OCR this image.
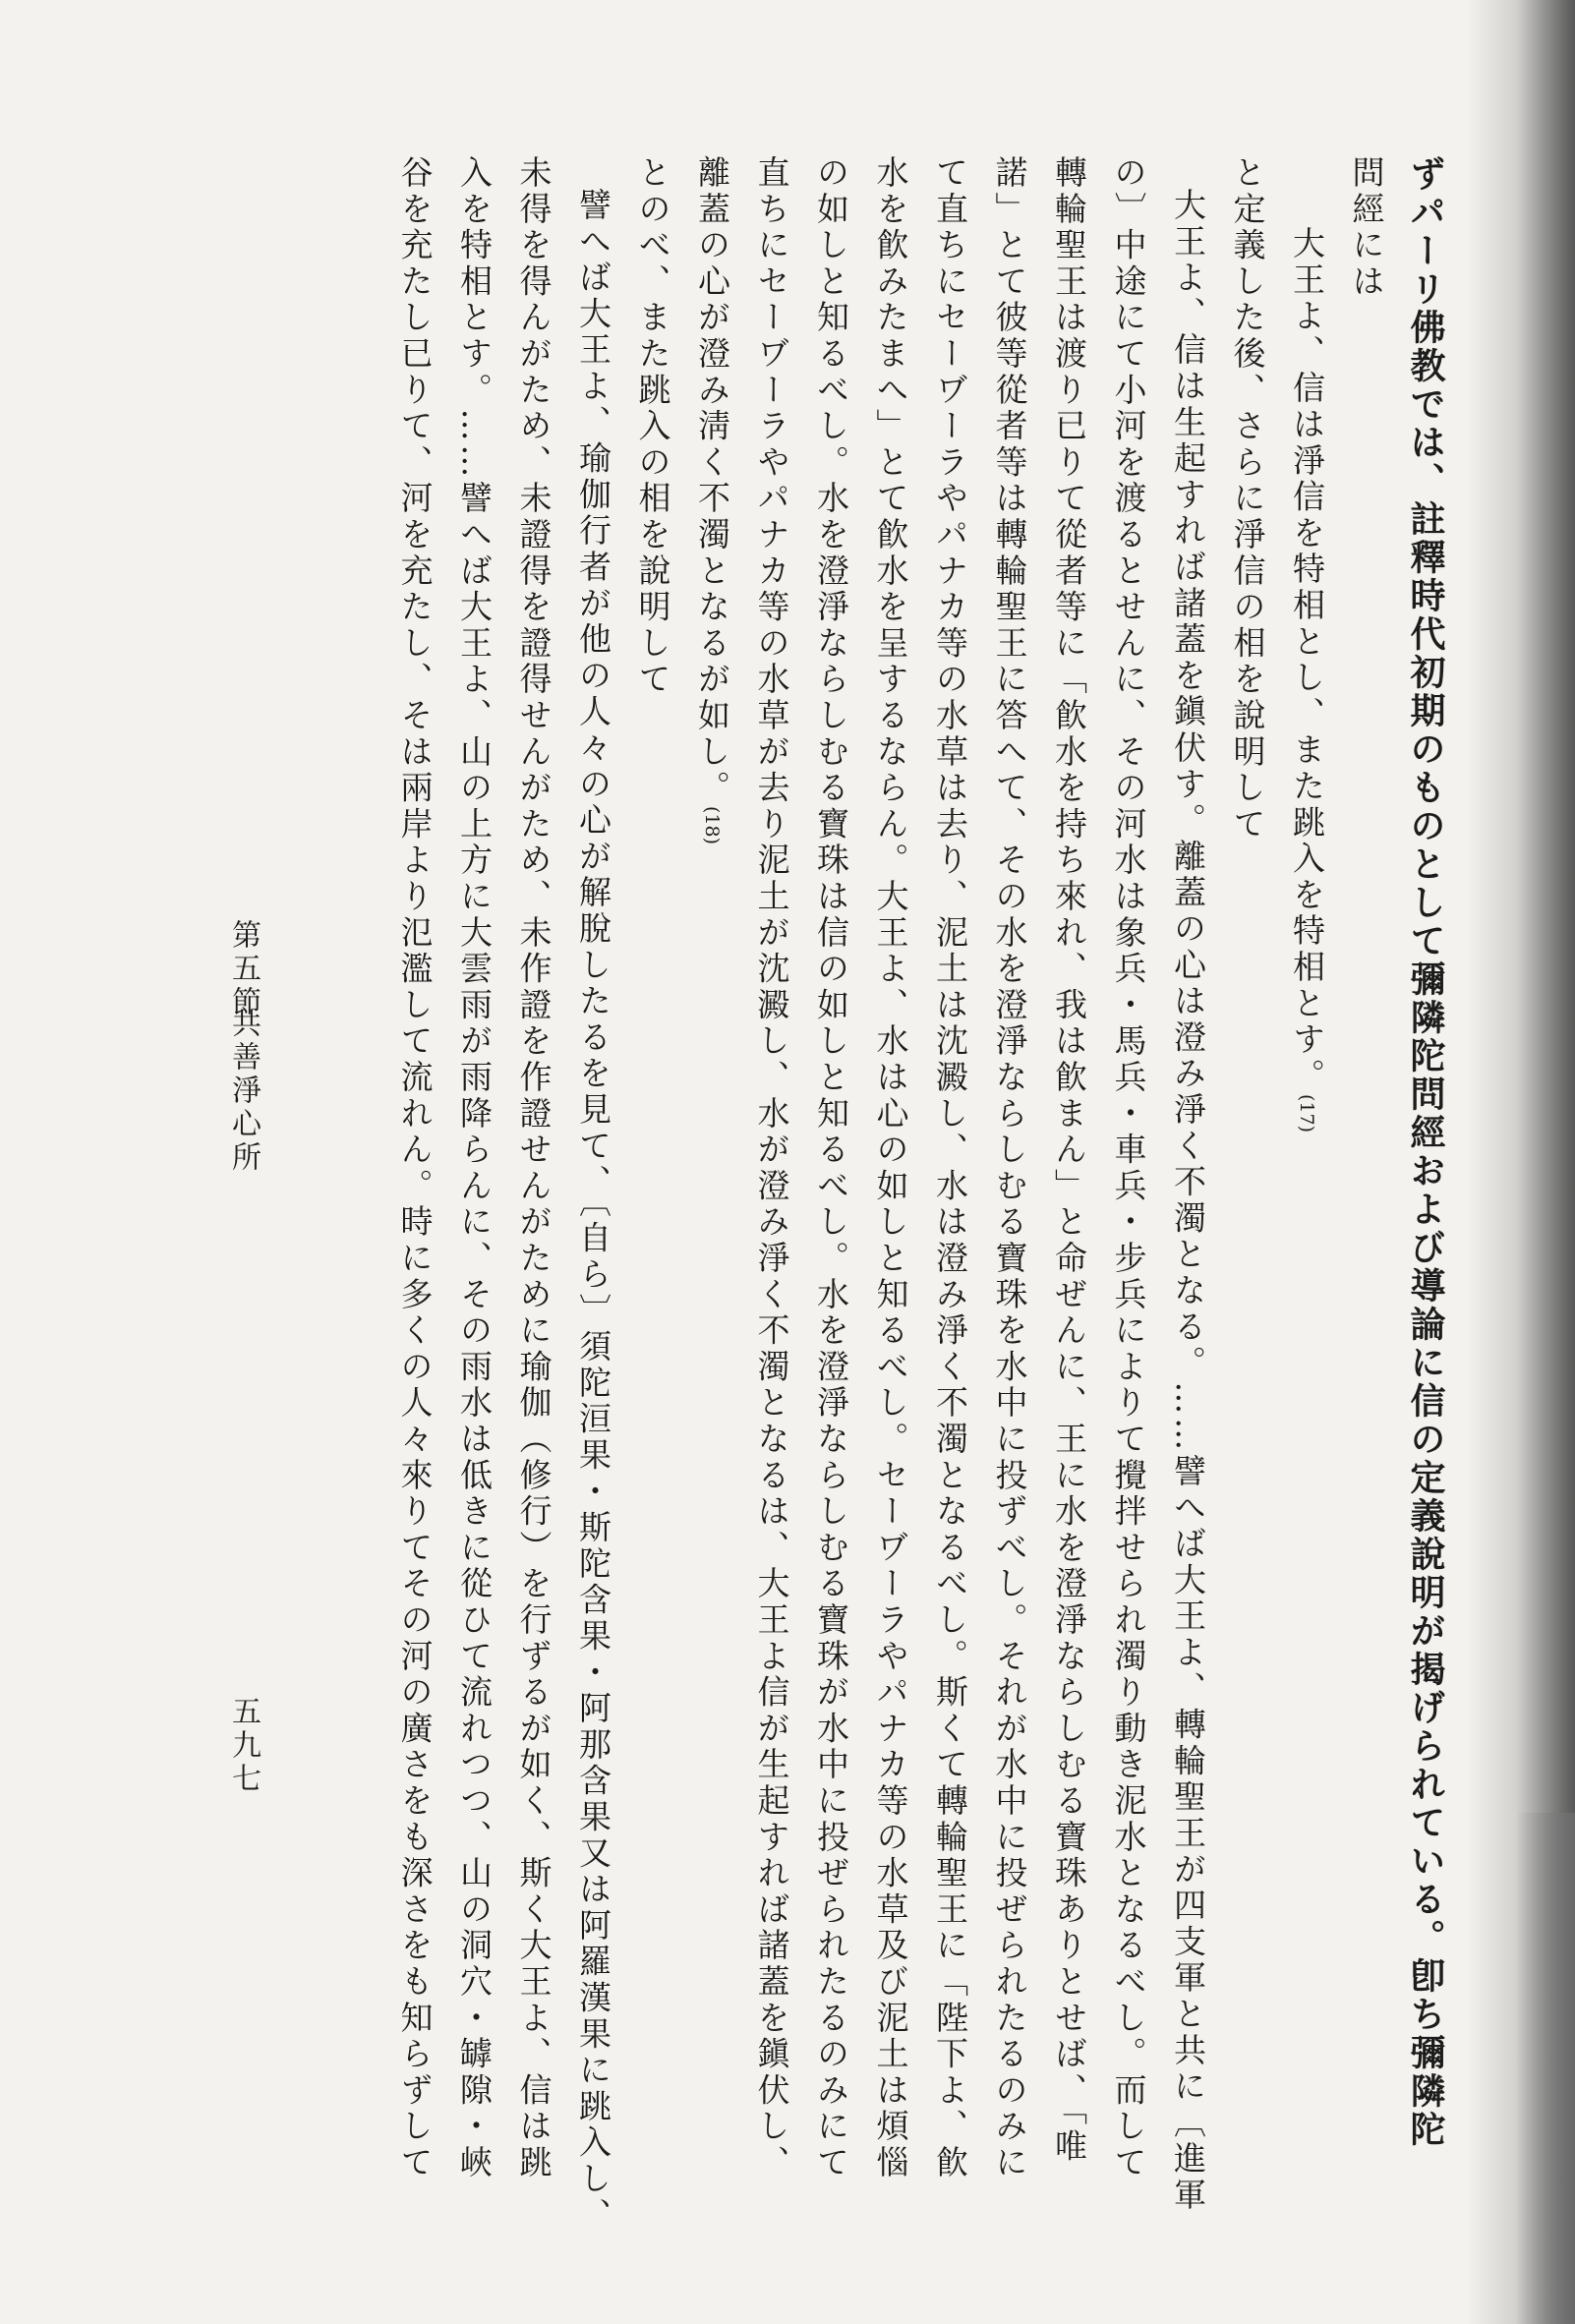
ずパーリ佛教では、註釋時代初期のものとして彌隣陀問經および導論に信の定義說明が揭げられている。卽ち彌隣陀
問經には
大王よ、信は淨信を特相とし、また跳入を特相とす。(17)
と定義した後、さらに淨信の相を說明して
大王よ、信は生起すれば諸蓋を鎭伏す。離蓋の心は澄み淨く不濁となる。……譬へば大王よ、轉輪聖王が四支軍と共に〔進軍
の〕中途にて小河を渡るとせんに、その河水は象兵・馬兵・車兵・步兵によりて攪拌せられ濁り動き泥水となるべし。而して
轉輪聖王は渡り已りて從者等に「飮水を持ち來れ、我は飮まん」と命ぜんに、王に水を澄淨ならしむる寶珠ありとせば、「唯
諾」とて彼等從者等は轉輪聖王に答へて、その水を澄淨ならしむる寶珠を水中に投ずべし。それが水中に投ぜられたるのみに
て直ちにセーヷーラやパナカ等の水草は去り、泥土は沈澱し、水は澄み淨く不濁となるべし。斯くて轉輪聖王に「陛下よ、飮
水を飮みたまへ」とて飮水を呈するならん。大王よ、水は心の如しと知るべし。セーヷーラやパナカ等の水草及び泥土は煩惱
の如しと知るべし。水を澄淨ならしむる寶珠は信の如しと知るべし。水を澄淨ならしむる寶珠が水中に投ぜられたるのみにて
直ちにセーヷーラやパナカ等の水草が去り泥土が沈澱し、水が澄み淨く不濁となるは、大王よ信が生起すれば諸蓋を鎭伏し、
離蓋の心が澄み淸く不濁となるが如し。(18)
とのべ、また跳入の相を說明して
譬へば大王よ、瑜伽行者が他の人々の心が解脫したるを見て、〔自ら〕須陀洹果・斯陀含果・阿那含果又は阿羅漢果に跳入し、
未得を得んがため、未證得を證得せんがため、未作證を作證せんがために瑜伽（修行）を行ずるが如く、斯く大王よ、信は跳
入を特相とす。……譬へば大王よ、山の上方に大雲雨が雨降らんに、その雨水は低きに從ひて流れつつ、山の洞穴・罅隙・峽
谷を充たし已りて、河を充たし、そは兩岸より氾濫して流れん。時に多くの人々來りてその河の廣さをも深さをも知らずして
第五節
共善淨心所
五九七
